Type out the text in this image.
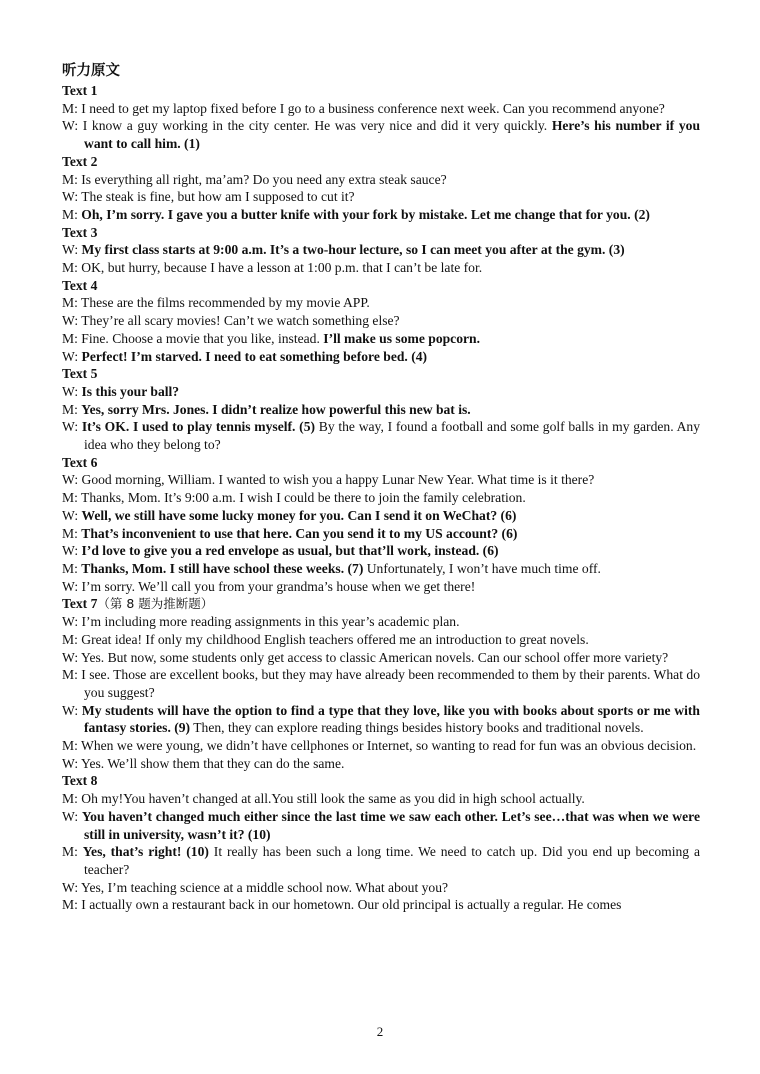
听力原文
Text 1
M: I need to get my laptop fixed before I go to a business conference next week. Can you recommend anyone?
W: I know a guy working in the city center. He was very nice and did it very quickly. Here’s his number if you want to call him. (1)
Text 2
M: Is everything all right, ma’am? Do you need any extra steak sauce?
W: The steak is fine, but how am I supposed to cut it?
M: Oh, I’m sorry. I gave you a butter knife with your fork by mistake. Let me change that for you. (2)
Text 3
W: My first class starts at 9:00 a.m. It’s a two-hour lecture, so I can meet you after at the gym. (3)
M: OK, but hurry, because I have a lesson at 1:00 p.m. that I can’t be late for.
Text 4
M: These are the films recommended by my movie APP.
W: They’re all scary movies! Can’t we watch something else?
M: Fine. Choose a movie that you like, instead. I’ll make us some popcorn.
W: Perfect! I’m starved. I need to eat something before bed. (4)
Text 5
W: Is this your ball?
M: Yes, sorry Mrs. Jones. I didn’t realize how powerful this new bat is.
W: It’s OK. I used to play tennis myself. (5) By the way, I found a football and some golf balls in my garden. Any idea who they belong to?
Text 6
W: Good morning, William. I wanted to wish you a happy Lunar New Year. What time is it there?
M: Thanks, Mom. It’s 9:00 a.m. I wish I could be there to join the family celebration.
W: Well, we still have some lucky money for you. Can I send it on WeChat? (6)
M: That’s inconvenient to use that here. Can you send it to my US account? (6)
W: I’d love to give you a red envelope as usual, but that’ll work, instead. (6)
M: Thanks, Mom. I still have school these weeks. (7) Unfortunately, I won’t have much time off.
W: I’m sorry. We’ll call you from your grandma’s house when we get there!
Text 7（第 8 题为推断题）
W: I’m including more reading assignments in this year’s academic plan.
M: Great idea! If only my childhood English teachers offered me an introduction to great novels.
W: Yes. But now, some students only get access to classic American novels. Can our school offer more variety?
M: I see. Those are excellent books, but they may have already been recommended to them by their parents. What do you suggest?
W: My students will have the option to find a type that they love, like you with books about sports or me with fantasy stories. (9) Then, they can explore reading things besides history books and traditional novels.
M: When we were young, we didn’t have cellphones or Internet, so wanting to read for fun was an obvious decision.
W: Yes. We’ll show them that they can do the same.
Text 8
M: Oh my!You haven’t changed at all.You still look the same as you did in high school actually.
W: You haven’t changed much either since the last time we saw each other. Let’s see…that was when we were still in university, wasn’t it? (10)
M: Yes, that’s right! (10) It really has been such a long time. We need to catch up. Did you end up becoming a teacher?
W: Yes, I’m teaching science at a middle school now. What about you?
M: I actually own a restaurant back in our hometown. Our old principal is actually a regular. He comes
2
